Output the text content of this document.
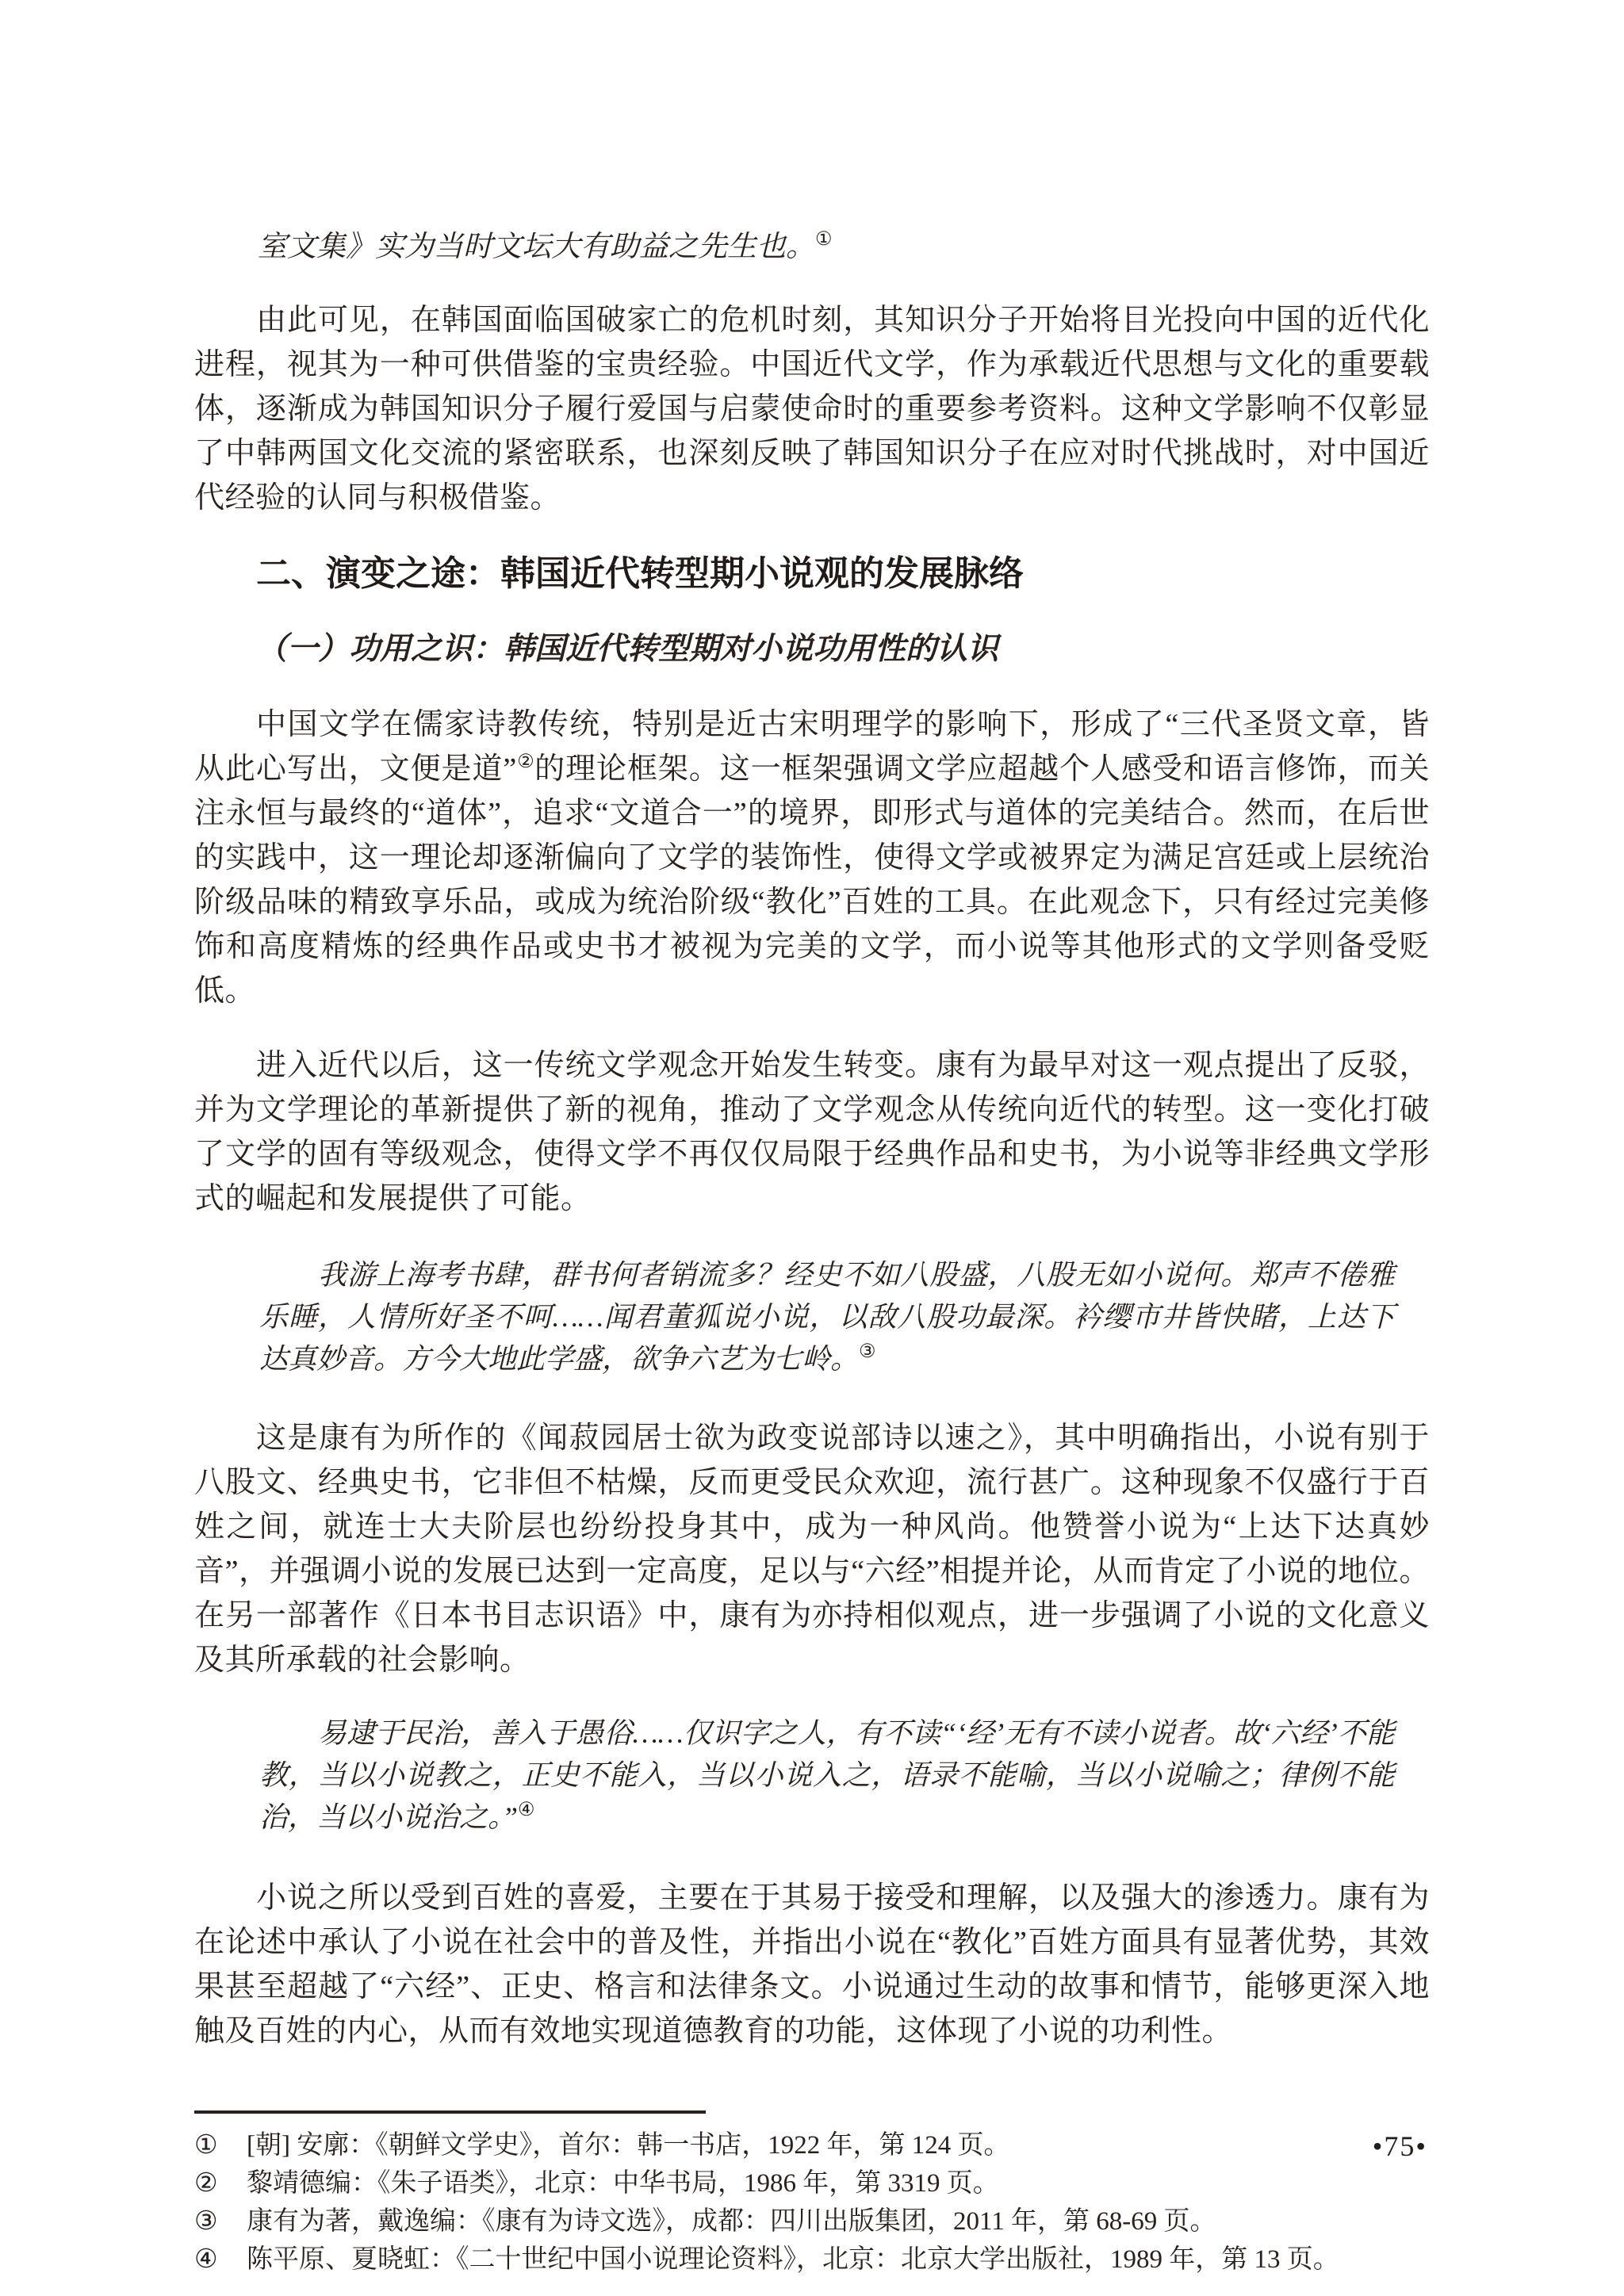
室文集》实为当时文坛大有助益之先生也。①

由此可见，在韩国面临国破家亡的危机时刻，其知识分子开始将目光投向中国的近代化进程，视其为一种可供借鉴的宝贵经验。中国近代文学，作为承载近代思想与文化的重要载体，逐渐成为韩国知识分子履行爱国与启蒙使命时的重要参考资料。这种文学影响不仅彰显了中韩两国文化交流的紧密联系，也深刻反映了韩国知识分子在应对时代挑战时，对中国近代经验的认同与积极借鉴。

二、演变之途：韩国近代转型期小说观的发展脉络
（一）功用之识：韩国近代转型期对小说功用性的认识

中国文学在儒家诗教传统，特别是近古宋明理学的影响下，形成了“三代圣贤文章，皆从此心写出，文便是道”②的理论框架。这一框架强调文学应超越个人感受和语言修饰，而关注永恒与最终的“道体”，追求“文道合一”的境界，即形式与道体的完美结合。然而，在后世的实践中，这一理论却逐渐偏向了文学的装饰性，使得文学或被界定为满足宫廷或上层统治阶级品味的精致享乐品，或成为统治阶级“教化”百姓的工具。在此观念下，只有经过完美修饰和高度精炼的经典作品或史书才被视为完美的文学，而小说等其他形式的文学则备受贬低。

进入近代以后，这一传统文学观念开始发生转变。康有为最早对这一观点提出了反驳，并为文学理论的革新提供了新的视角，推动了文学观念从传统向近代的转型。这一变化打破了文学的固有等级观念，使得文学不再仅仅局限于经典作品和史书，为小说等非经典文学形式的崛起和发展提供了可能。

我游上海考书肆，群书何者销流多？经史不如八股盛，八股无如小说何。郑声不倦雅乐睡，人情所好圣不呵……闻君董狐说小说，以敌八股功最深。衿缨市井皆快睹，上达下达真妙音。方今大地此学盛，欲争六艺为七岭。③

这是康有为所作的《闻菽园居士欲为政变说部诗以速之》，其中明确指出，小说有别于八股文、经典史书，它非但不枯燥，反而更受民众欢迎，流行甚广。这种现象不仅盛行于百姓之间，就连士大夫阶层也纷纷投身其中，成为一种风尚。他赞誉小说为“上达下达真妙音”，并强调小说的发展已达到一定高度，足以与“六经”相提并论，从而肯定了小说的地位。在另一部著作《日本书目志识语》中，康有为亦持相似观点，进一步强调了小说的文化意义及其所承载的社会影响。

易逮于民治，善入于愚俗……仅识字之人，有不读“‘经’无有不读小说者。故‘六经’不能教，当以小说教之，正史不能入，当以小说入之，语录不能喻，当以小说喻之；律例不能治，当以小说治之。”④

小说之所以受到百姓的喜爱，主要在于其易于接受和理解，以及强大的渗透力。康有为在论述中承认了小说在社会中的普及性，并指出小说在“教化”百姓方面具有显著优势，其效果甚至超越了“六经”、正史、格言和法律条文。小说通过生动的故事和情节，能够更深入地触及百姓的内心，从而有效地实现道德教育的功能，这体现了小说的功利性。

①	[朝] 安廓：《朝鲜文学史》，首尔：韩一书店，1922 年，第 124 页。
②	黎靖德编：《朱子语类》，北京：中华书局，1986 年，第 3319 页。
③	康有为著，戴逸编：《康有为诗文选》，成都：四川出版集团，2011 年，第 68-69 页。
④	陈平原、夏晓虹：《二十世纪中国小说理论资料》，北京：北京大学出版社，1989 年，第 13 页。
•75•
